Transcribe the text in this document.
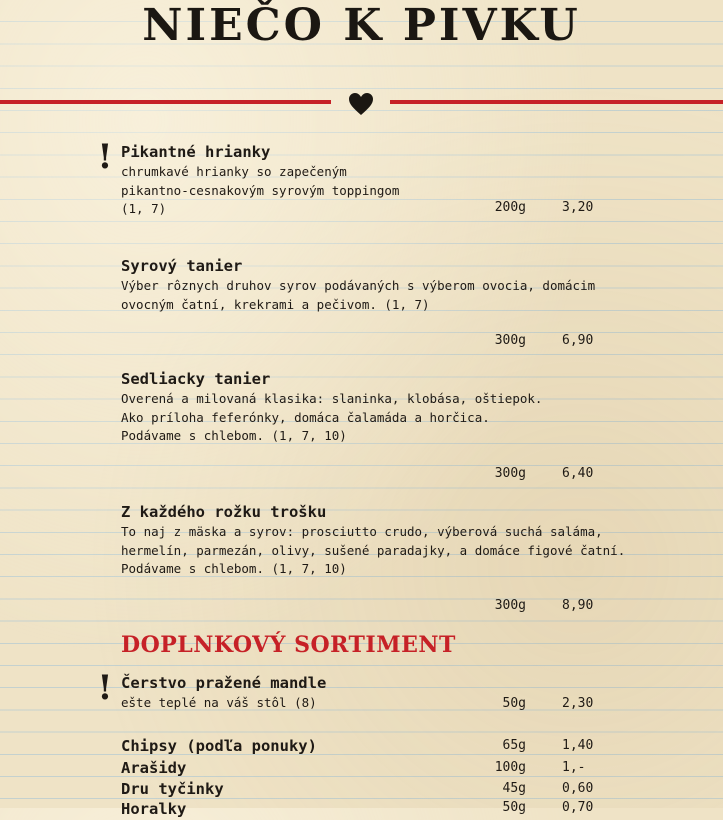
NIEČO K PIVKU
! Pikantné hrianky
chrumkavé hrianky so zapečeným
pikantno-cesnakovým syrovým toppingom
(1, 7)	200g	3,20
Syrový tanier
Výber rôznych druhov syrov podávaných s výberom ovocia, domácim
ovocným čatní, krekrami a pečivom. (1, 7)
300g	6,90
Sedliacky tanier
Overená a milovaná klasika: slaninka, klobása, oštiepok.
Ako príloha feferónky, domáca čalamáda a horčica.
Podávame s chlebom. (1, 7, 10)
300g	6,40
Z každého rožku trošku
To naj z mäska a syrov: prosciutto crudo, výberová suchá saláma,
hermelín, parmezán, olivy, sušené paradajky, a domáce figové čatní.
Podávame s chlebom. (1, 7, 10)
300g	8,90
DOPLNKOVÝ SORTIMENT
! Čerstvo pražené mandle
ešte teplé na váš stôl (8)	50g	2,30
Chipsy (podľa ponuky)	65g	1,40
Arašidy	100g	1,-
Dru tyčinky	45g	0,60
Horalky	50g	0,70
